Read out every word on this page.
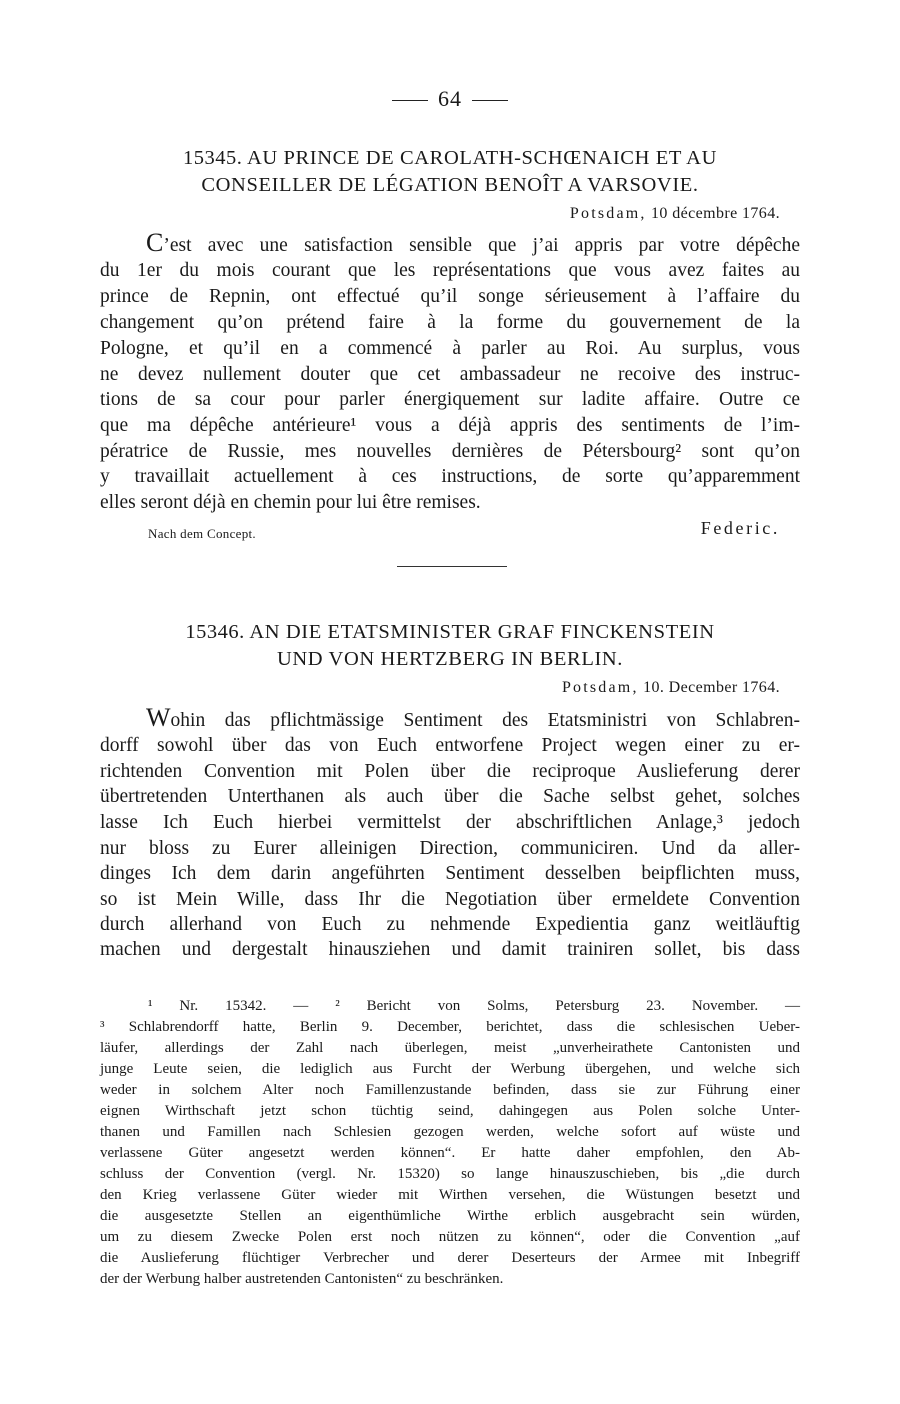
64
15345. AU PRINCE DE CAROLATH-SCHŒNAICH ET AU
CONSEILLER DE LÉGATION BENOÎT A VARSOVIE.
Potsdam, 10 décembre 1764.
C’est avec une satisfaction sensible que j’ai appris par votre dépêche
du 1er du mois courant que les représentations que vous avez faites au
prince de Repnin, ont effectué qu’il songe sérieusement à l’affaire du
changement qu’on prétend faire à la forme du gouvernement de la
Pologne, et qu’il en a commencé à parler au Roi. Au surplus, vous
ne devez nullement douter que cet ambassadeur ne recoive des instruc-
tions de sa cour pour parler énergiquement sur ladite affaire. Outre ce
que ma dépêche antérieure¹ vous a déjà appris des sentiments de l’im-
pératrice de Russie, mes nouvelles dernières de Pétersbourg² sont qu’on
y travaillait actuellement à ces instructions, de sorte qu’apparemment
elles seront déjà en chemin pour lui être remises.
Nach dem Concept.	Federic.
15346. AN DIE ETATSMINISTER GRAF FINCKENSTEIN
UND VON HERTZBERG IN BERLIN.
Potsdam, 10. December 1764.
Wohin das pflichtmässige Sentiment des Etatsministri von Schlabren-
dorff sowohl über das von Euch entworfene Project wegen einer zu er-
richtenden Convention mit Polen über die reciproque Auslieferung derer
übertretenden Unterthanen als auch über die Sache selbst gehet, solches
lasse Ich Euch hierbei vermittelst der abschriftlichen Anlage,³ jedoch
nur bloss zu Eurer alleinigen Direction, communiciren. Und da aller-
dinges Ich dem darin angeführten Sentiment desselben beipflichten muss,
so ist Mein Wille, dass Ihr die Negotiation über ermeldete Convention
durch allerhand von Euch zu nehmende Expedientia ganz weitläuftig
machen und dergestalt hinausziehen und damit trainiren sollet, bis dass
¹ Nr. 15342. — ² Bericht von Solms, Petersburg 23. November. —
³ Schlabrendorff hatte, Berlin 9. December, berichtet, dass die schlesischen Ueber-
läufer, allerdings der Zahl nach überlegen, meist „unverheirathete Cantonisten und
junge Leute seien, die lediglich aus Furcht der Werbung übergehen, und welche sich
weder in solchem Alter noch Famillenzustande befinden, dass sie zur Führung einer
eignen Wirthschaft jetzt schon tüchtig seind, dahingegen aus Polen solche Unter-
thanen und Famillen nach Schlesien gezogen werden, welche sofort auf wüste und
verlassene Güter angesetzt werden können“. Er hatte daher empfohlen, den Ab-
schluss der Convention (vergl. Nr. 15320) so lange hinauszuschieben, bis „die durch
den Krieg verlassene Güter wieder mit Wirthen versehen, die Wüstungen besetzt und
die ausgesetzte Stellen an eigenthümliche Wirthe erblich ausgebracht sein würden,
um zu diesem Zwecke Polen erst noch nützen zu können“, oder die Convention „auf
die Auslieferung flüchtiger Verbrecher und derer Deserteurs der Armee mit Inbegriff
der der Werbung halber austretenden Cantonisten“ zu beschränken.
